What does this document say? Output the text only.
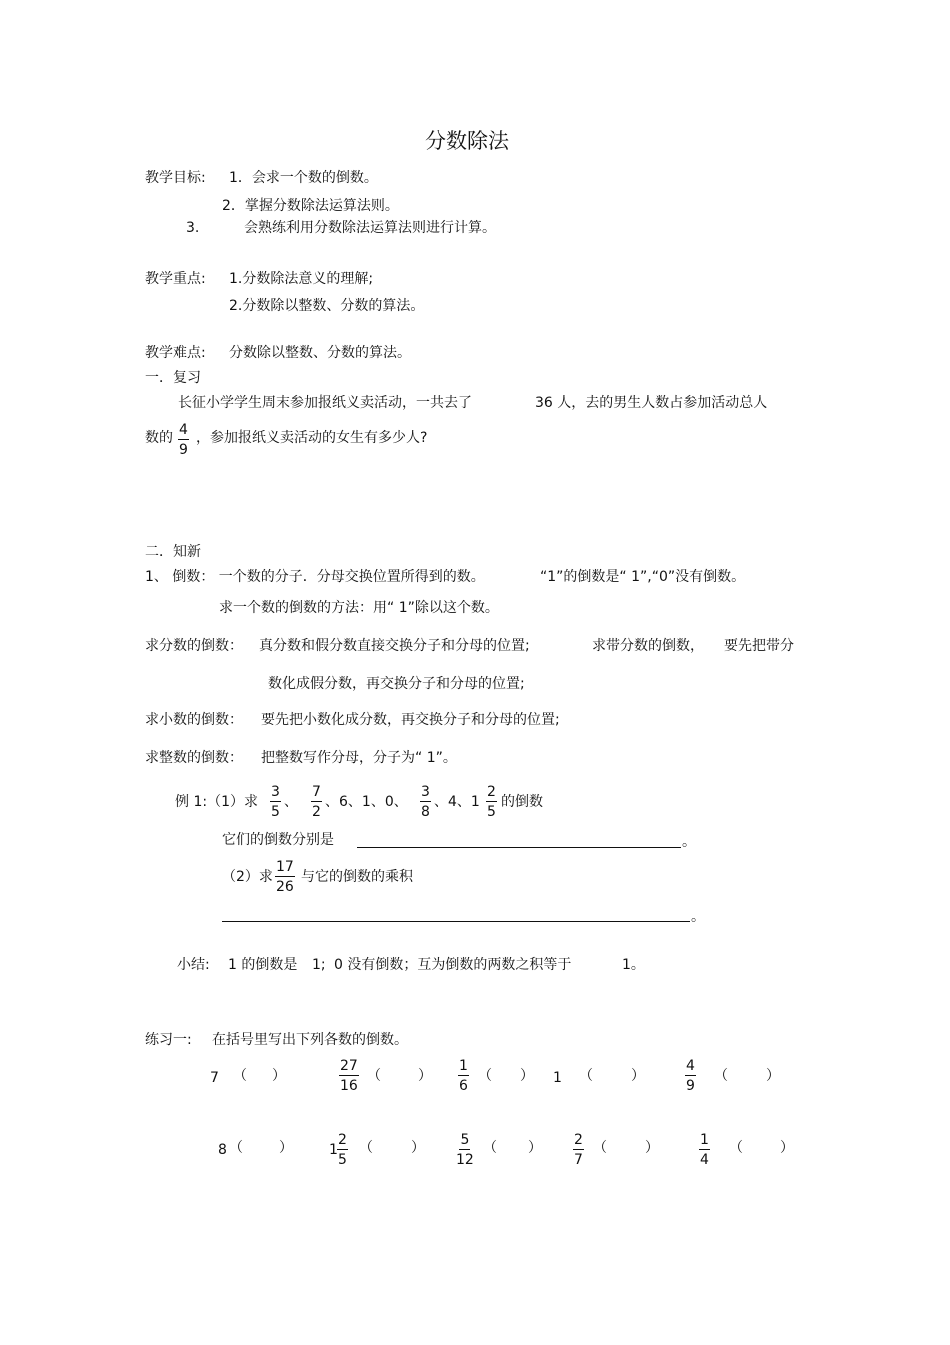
分数除法
教学目标: 1．会求一个数的倒数。
2．掌握分数除法运算法则。
3.	会熟练利用分数除法运算法则进行计算。
教学重点: 1.分数除法意义的理解;
2.分数除以整数、分数的算法。
教学难点: 分数除以整数、分数的算法。
一．复习
长征小学学生周末参加报纸义卖活动，一共去了	36 人，去的男生人数占参加活动总人
数的 $\frac{4}{9}$ ，参加报纸义卖活动的女生有多少人?
二．知新
1、 倒数： 一个数的分子．分母交换位置所得到的数。	“1”的倒数是“ 1”,“0”没有倒数。
求一个数的倒数的方法：用“ 1”除以这个数。
求分数的倒数： 真分数和假分数直接交换分子和分母的位置;	求带分数的倒数， 要先把带分
数化成假分数，再交换分子和分母的位置;
求小数的倒数： 要先把小数化成分数，再交换分子和分母的位置;
求整数的倒数： 把整数写作分母，分子为“ 1”。
例 1:（1）求 $\frac{3}{5}$ 、 $\frac{7}{2}$ 、6、1、0、 $\frac{3}{8}$ 、4、$1 \frac{2}{5}$ 的倒数
它们的倒数分别是	。
（2）求 $\frac{17}{26}$ 与它的倒数的乘积
。
小结: 1 的倒数是 1; 0 没有倒数；互为倒数的两数之积等于	1。
练习一: 在括号里写出下列各数的倒数。
7 （ ）	$\frac{27}{16}$ （	） $\frac{1}{6}$ （ ） 1 （	）	$\frac{4}{9}$ （	）
8 （	）	$1 \frac{2}{5}$ （	） $\frac{5}{12}$ （ ） $\frac{2}{7}$ （	）	$\frac{1}{4}$ （	）
